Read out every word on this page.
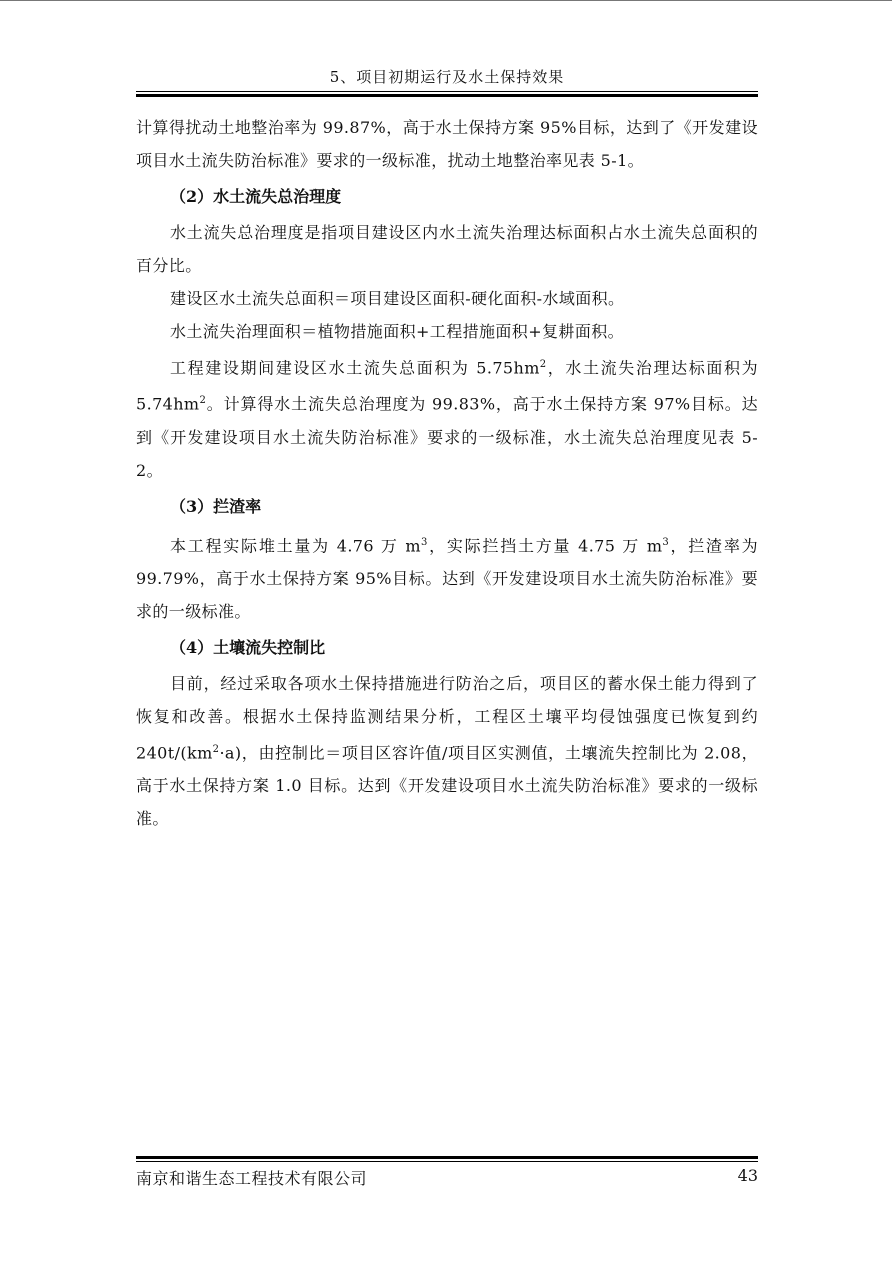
5、项目初期运行及水土保持效果

计算得扰动土地整治率为 99.87%，高于水土保持方案 95%目标，达到了《开发建设项目水土流失防治标准》要求的一级标准，扰动土地整治率见表 5-1。

（2）水土流失总治理度

水土流失总治理度是指项目建设区内水土流失治理达标面积占水土流失总面积的百分比。

建设区水土流失总面积＝项目建设区面积-硬化面积-水域面积。

水土流失治理面积＝植物措施面积+工程措施面积+复耕面积。

工程建设期间建设区水土流失总面积为 $5.75hm^2$，水土流失治理达标面积为 $5.74hm^2$。计算得水土流失总治理度为 99.83%，高于水土保持方案 97%目标。达到《开发建设项目水土流失防治标准》要求的一级标准，水土流失总治理度见表 5-2。

（3）拦渣率

本工程实际堆土量为 4.76 万 $m^3$，实际拦挡土方量 4.75 万 $m^3$，拦渣率为 99.79%，高于水土保持方案 95%目标。达到《开发建设项目水土流失防治标准》要求的一级标准。

（4）土壤流失控制比

目前，经过采取各项水土保持措施进行防治之后，项目区的蓄水保土能力得到了恢复和改善。根据水土保持监测结果分析，工程区土壤平均侵蚀强度已恢复到约 $240t/(km^2\cdot a)$，由控制比＝项目区容许值/项目区实测值，土壤流失控制比为 2.08，高于水土保持方案 1.0 目标。达到《开发建设项目水土流失防治标准》要求的一级标准。

南京和谐生态工程技术有限公司	43
